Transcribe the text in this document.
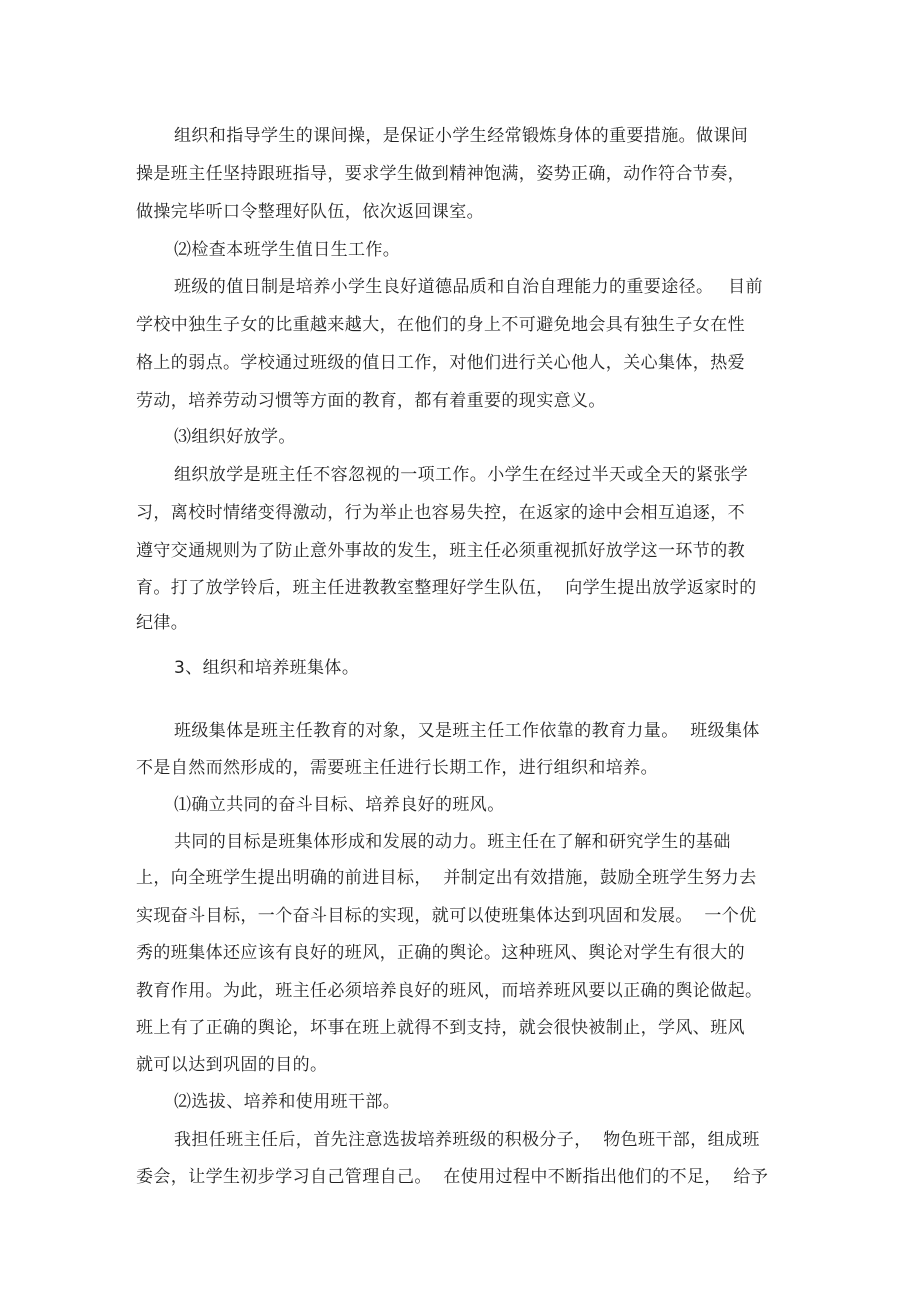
组织和指导学生的课间操，是保证小学生经常锻炼身体的重要措施。做课间
操是班主任坚持跟班指导，要求学生做到精神饱满，姿势正确，动作符合节奏，
做操完毕听口令整理好队伍，依次返回课室。
⑵检查本班学生值日生工作。
班级的值日制是培养小学生良好道德品质和自治自理能力的重要途径。　 目前
学校中独生子女的比重越来越大，在他们的身上不可避免地会具有独生子女在性
格上的弱点。学校通过班级的值日工作，对他们进行关心他人，关心集体，热爱
劳动，培养劳动习惯等方面的教育，都有着重要的现实意义。
⑶组织好放学。
组织放学是班主任不容忽视的一项工作。小学生在经过半天或全天的紧张学
习，离校时情绪变得激动，行为举止也容易失控，在返家的途中会相互追逐，不
遵守交通规则为了防止意外事故的发生，班主任必须重视抓好放学这一环节的教
育。打了放学铃后，班主任进教教室整理好学生队伍，  向学生提出放学返家时的
纪律。
3、组织和培养班集体。
班级集体是班主任教育的对象，又是班主任工作依靠的教育力量。  班级集体
不是自然而然形成的，需要班主任进行长期工作，进行组织和培养。
⑴确立共同的奋斗目标、培养良好的班风。
共同的目标是班集体形成和发展的动力。班主任在了解和研究学生的基础
上，向全班学生提出明确的前进目标，  并制定出有效措施，鼓励全班学生努力去
实现奋斗目标，一个奋斗目标的实现，就可以使班集体达到巩固和发展。  一个优
秀的班集体还应该有良好的班风，正确的舆论。这种班风、舆论对学生有很大的
教育作用。为此，班主任必须培养良好的班风，而培养班风要以正确的舆论做起。
班上有了正确的舆论，坏事在班上就得不到支持，就会很快被制止，学风、班风
就可以达到巩固的目的。
⑵选拔、培养和使用班干部。
我担任班主任后，首先注意选拔培养班级的积极分子，  物色班干部，组成班
委会，让学生初步学习自己管理自己。  在使用过程中不断指出他们的不足，  给予
